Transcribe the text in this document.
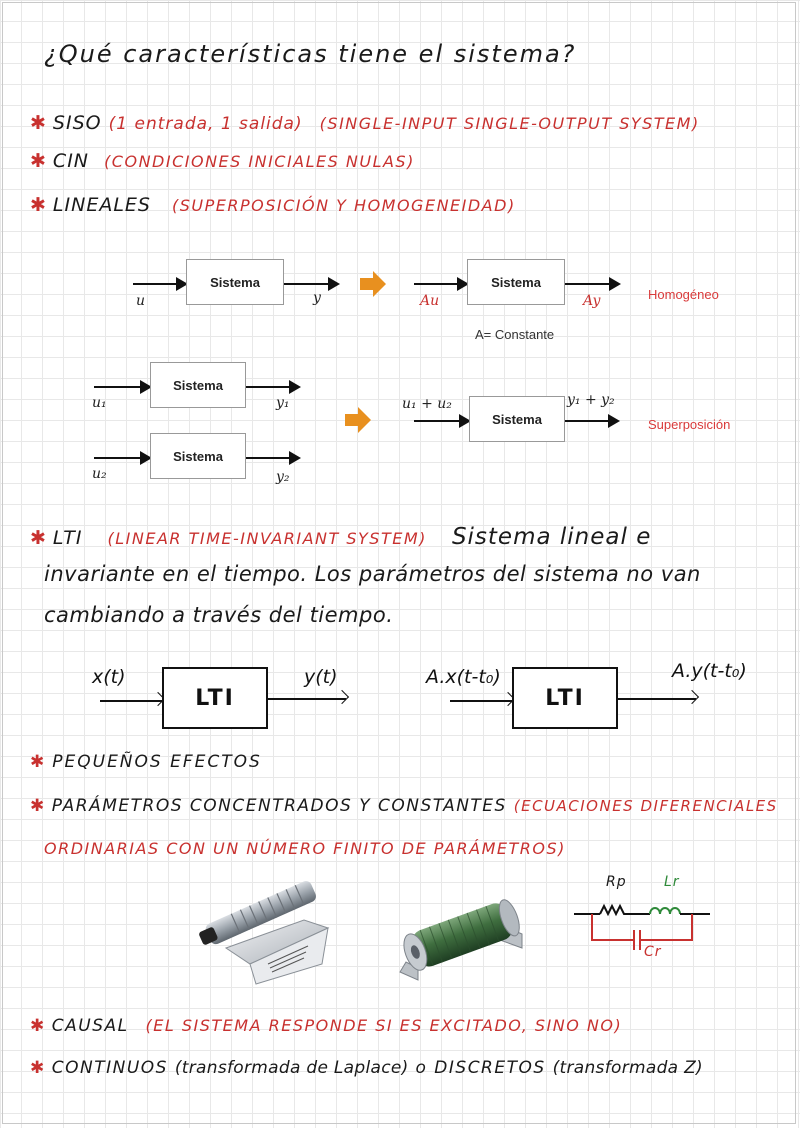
¿Qué características tiene el sistema?
✱ SISO (1 entrada, 1 salida) (SINGLE-INPUT SINGLE-OUTPUT SYSTEM)
✱ CIN (CONDICIONES INICIALES NULAS)
✱ LINEALES (SUPERPOSICIÓN Y HOMOGENEIDAD)
u
Sistema
y	Au
Sistema
Ay	Homogéneo
A= Constante
u₁
Sistema
y₁
u₂
Sistema
y₂
u₁ + u₂
Sistema
y₁ + y₂
Superposición
✱ LTI (LINEAR TIME-INVARIANT SYSTEM) Sistema lineal e
invariante en el tiempo. Los parámetros del sistema no van
cambiando a través del tiempo.
x(t)
LTI
y(t)	A.x(t-t₀)
LTI
A.y(t-t₀)
✱ PEQUEÑOS EFECTOS
✱ PARÁMETROS CONCENTRADOS Y CONSTANTES (ECUACIONES DIFERENCIALES
ORDINARIAS CON UN NÚMERO FINITO DE PARÁMETROS)
Rp	Lr
Cr
✱ CAUSAL (EL SISTEMA RESPONDE SI ES EXCITADO, SINO NO)
✱ CONTINUOS (transformada de Laplace) o DISCRETOS (transformada Z)
